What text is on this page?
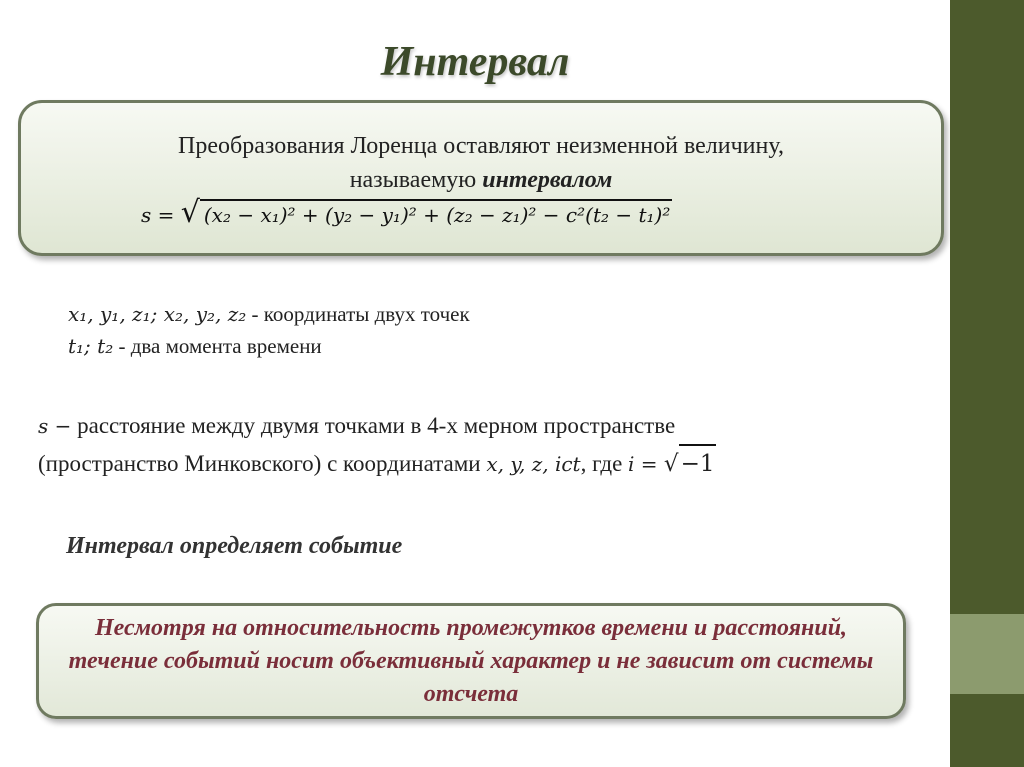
Интервал
Преобразования Лоренца оставляют неизменной величину,
называемую интервалом
s = √ (x₂ − x₁)² + (y₂ − y₁)² + (z₂ − z₁)² − c²(t₂ − t₁)²
x₁, y₁, z₁; x₂, y₂, z₂ - координаты двух точек
t₁; t₂ - два момента времени
s − расстояние между двумя точками в 4-х мерном пространстве
(пространство Минковского) с координатами x, y, z, ict, где i = √−1
Интервал определяет событие
Несмотря на относительность промежутков времени и расстояний, течение событий носит объективный характер и не зависит от системы отсчета
